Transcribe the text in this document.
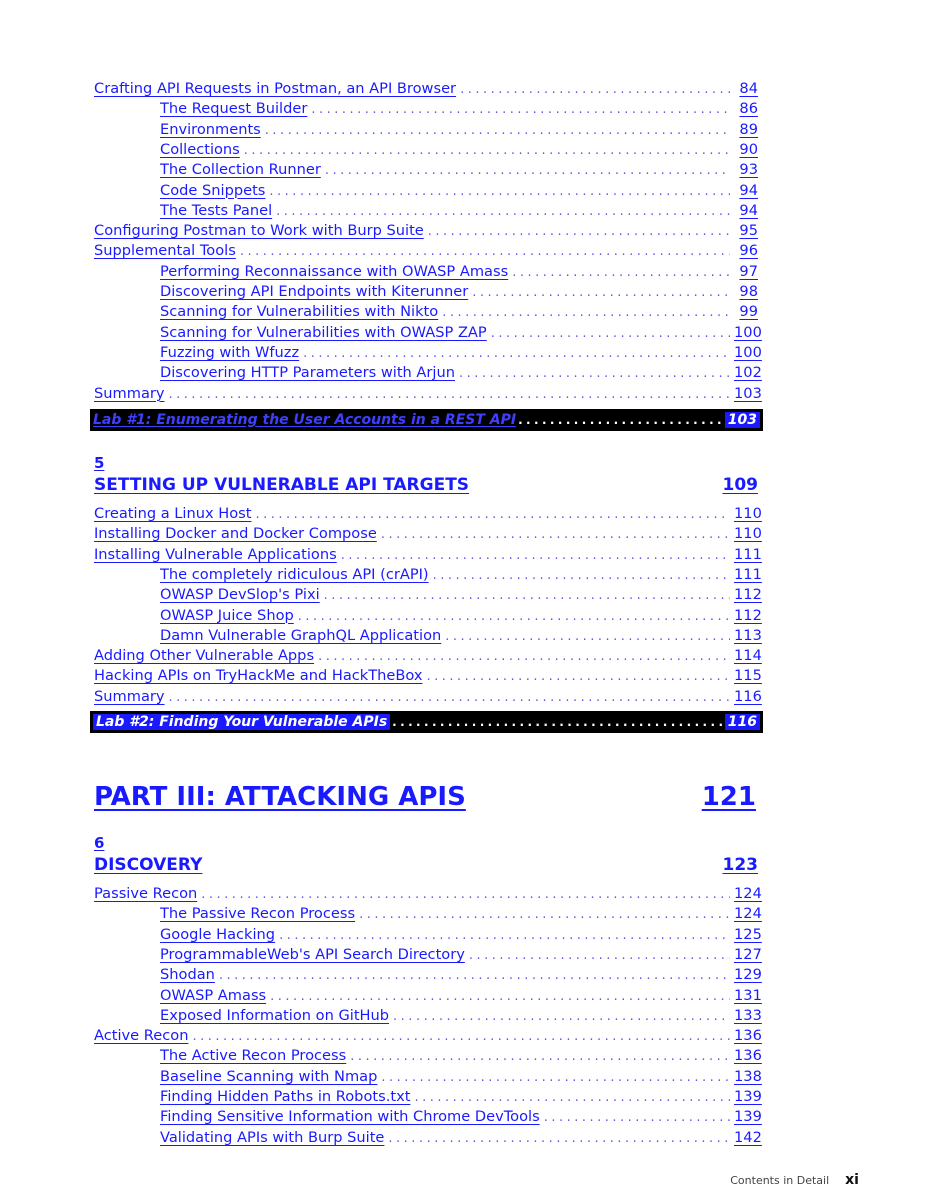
Crafting API Requests in Postman, an API Browser .....	84
The Request Builder .....	86
Environments .....	89
Collections .....	90
The Collection Runner .....	93
Code Snippets .....	94
The Tests Panel .....	94
Configuring Postman to Work with Burp Suite .....	95
Supplemental Tools .....	96
Performing Reconnaissance with OWASP Amass .....	97
Discovering API Endpoints with Kiterunner .....	98
Scanning for Vulnerabilities with Nikto .....	99
Scanning for Vulnerabilities with OWASP ZAP .....	100
Fuzzing with Wfuzz .....	100
Discovering HTTP Parameters with Arjun .....	102
Summary .....	103
Lab #1: Enumerating the User Accounts in a REST API .....	103
5
SETTING UP VULNERABLE API TARGETS	109
Creating a Linux Host .....	110
Installing Docker and Docker Compose .....	110
Installing Vulnerable Applications .....	111
The completely ridiculous API (crAPI) .....	111
OWASP DevSlop's Pixi .....	112
OWASP Juice Shop .....	112
Damn Vulnerable GraphQL Application .....	113
Adding Other Vulnerable Apps .....	114
Hacking APIs on TryHackMe and HackTheBox .....	115
Summary .....	116
Lab #2: Finding Your Vulnerable APIs .....	116
PART III: ATTACKING APIS	121
6
DISCOVERY	123
Passive Recon .....	124
The Passive Recon Process .....	124
Google Hacking .....	125
ProgrammableWeb's API Search Directory .....	127
Shodan .....	129
OWASP Amass .....	131
Exposed Information on GitHub .....	133
Active Recon .....	136
The Active Recon Process .....	136
Baseline Scanning with Nmap .....	138
Finding Hidden Paths in Robots.txt .....	139
Finding Sensitive Information with Chrome DevTools .....	139
Validating APIs with Burp Suite .....	142
Contents in Detail xi
